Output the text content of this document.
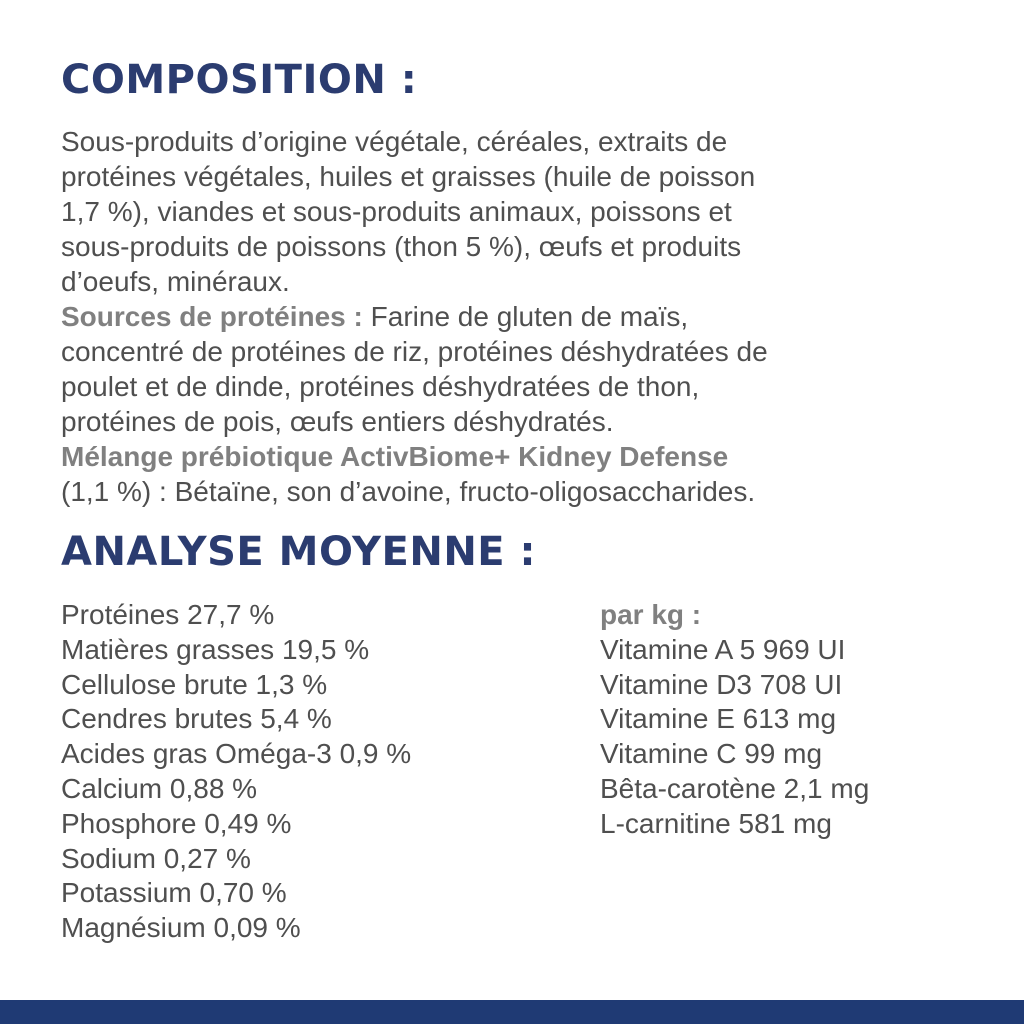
COMPOSITION :

Sous-produits d’origine végétale, céréales, extraits de

protéines végétales, huiles et graisses (huile de poisson

1,7 %), viandes et sous-produits animaux, poissons et

sous-produits de poissons (thon 5 %), œufs et produits

d’oeufs, minéraux.

Sources de protéines : Farine de gluten de maïs,

concentré de protéines de riz, protéines déshydratées de

poulet et de dinde, protéines déshydratées de thon,

protéines de pois, œufs entiers déshydratés.

Mélange prébiotique ActivBiome+ Kidney Defense

(1,1 %) : Bétaïne, son d’avoine, fructo-oligosaccharides.

ANALYSE MOYENNE :

Protéines 27,7 %

Matières grasses 19,5 %

Cellulose brute 1,3 %

Cendres brutes 5,4 %

Acides gras Oméga-3 0,9 %

Calcium 0,88 %

Phosphore 0,49 %

Sodium 0,27 %

Potassium 0,70 %

Magnésium 0,09 %

par kg :

Vitamine A 5 969 UI

Vitamine D3 708 UI

Vitamine E 613 mg

Vitamine C 99 mg

Bêta-carotène 2,1 mg

L-carnitine 581 mg
